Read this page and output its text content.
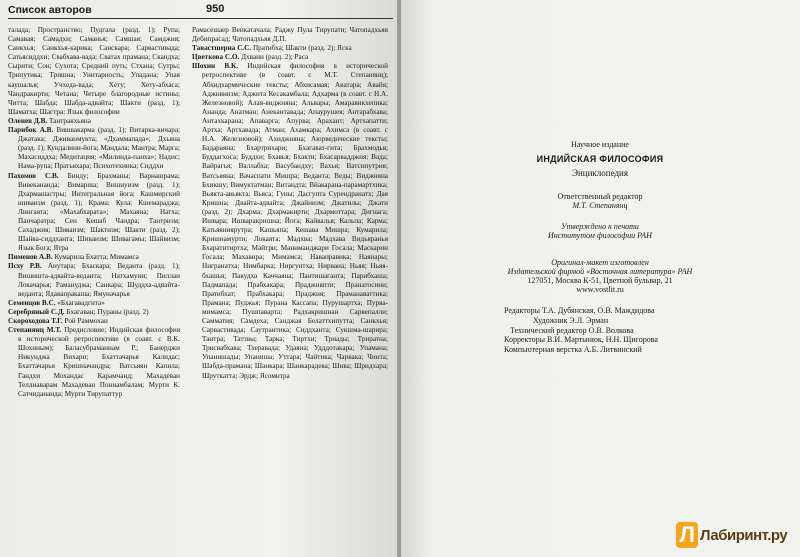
Список авторов	950

талада; Пространство; Пудгала (разд. 1); Рупа; Самавая; Самадхи; Саманья; Самшая; Самджня; Санкхья; Санкхья-карика; Санскара; Сарвастивада; Сатьясиддхи; Свабхава-вада; Сватах прамана; Скандха; Сырити; Сон; Сухота; Средний путь; Стхана; Сутры; Трипутика; Тришна; Унитарность; Упадана; Упая каушалья; Учхеда-вада; Хету; Хету-абхаса; Чандракирти; Четана; Четыре благородные истины; Читта; Шабда; Шабда-адвайта; Шакти (разд. 1); Шаматха; Шастра; Язык философии

Олеиев Д.В. Тантракхьяна

Парибок А.В. Вишвакарма (разд. 1); Витарка-вичара; Джатака; Дживанмукта; «Дхаммапада»; Дхьяна (разд. 1); Кундалини-йога; Мандала; Мантра; Марга; Махасиддха; Медитация; «Милинда-панха»; Надис; Нама-рупа; Пратьяхара; Психотехника; Сиддхи

Пахомов С.В. Бинду; Брахманы; Варнашрама; Вивекананда; Вимарша; Вишнуизм (разд. 1); Дхармашастры; Интегральная йога; Кашмирский шиваизм (разд. 1); Крама; Кула; Кшемараджа; Лингаята; «Махабхарата»; Махаяна; Натха; Панчаратра; Сен Кешаб Чандра; Тантризм; Сахаджия; Шиваизм; Шактизм; Шакти (разд. 2); Шайва-сиддханта; Шиваизм; Шивагамы; Шайвизм; Язык Бога; Ятра

Пименов А.В. Кумарила Бхатта; Мимамса

Псху Р.В. Анутара; Бхаскара; Веданта (разд. 1); Вишишта-адвайта-веданта; Натхамуни; Пиллаи Локачарья; Рамануджа; Санкара; Шуддха-адвайта-веданта; Ядавапракаша; Ямуначарья

Семенцов В.С. «Бхагавадгита»

Серебряный С.Д. Бхагаван; Пураны (разд. 2)

Скороходова Т.Г. Рой Раммохан

Степанянц М.Т. Предисловие; Индийская философия в исторической ретроспективе (в соавт. с В.К. Шохиным); Баласубраманиам Р.; Банерджи Никунджа Вихари; Бхаттачарья Калидас; Бхаттачарья Кришначандра; Ватсьяян Капила; Гандхи Мохандас Карамчанд; Махадеван Теллиаварам Махадеван Поннамбалам; Мурти К. Сатчидананда; Мурти Тирупаттур

Рамасешаер Венкатачала; Раджу Пула Тирупати; Чатопадхьяя Дебипрасад; Чатопадхьяя Д.П.

Тавастшерна С.С. Пратибха; Шакти (разд. 2); Яска

Цветкова С.О. Дхвани (разд. 2); Раса

Шохин В.К. Индийская философия в исторической ретроспективе (в соавт. с М.Т. Степанянц); Абхидхармические тексты; Абхисамая; Аватара; Авайя; Аджнянизм; Аджита Кесакамбала; Адхарма (в соавт. с Н.А. Железновой); Алая-виджняна; Альвары; Амаравикхепика; Ананда; Анатман; Анекантавада; Апаурушея; Антарабхава; Антахкарана; Апаварга; Апурва; Арахант; Артхапатти; Артха; Артхавада; Атман; Ахамкара; Ахимса (в соавт. с Н.А. Железновой); Ахиджняна; Аюрведические тексты; Бадараяна; Бхартрихари; Бхагават-гита; Брахмодья; Буддагхоса; Буддхи; Бхавья; Бхакти; Бхасарвадджня; Вада; Вайрагья; Валлабха; Васубандху; Вахья; Ватсипутрия; Ватсьяяна; Вачаспати Мишра; Веданта; Веды; Виджняна Бхикшу; Вимуктатман; Витандта; Вйакарана-парамартхика; Вьякта-авьякта; Вьяса; Гуны; Дасгупта Сурендранатх; Дая Кришна; Двайта-адвайта; Джайнизм; Джатилы; Джати (разд. 2); Дхарма; Дхармакирти; Дхармоттара; Дигнага; Ишвара; Ишваракришна; Йога; Кайвалья; Кальпа; Карма; Катьяяниярутра; Кашьяпа; Кешава Мишра; Кумарила; Кришнамурти; Локаята; Мадхва; Мадхава Видьяранья Бхаратитиртха; Майтри; Маниманджари Госала; Маскарин Госала; Махавира; Мимамса; Наваправика; Наянары; Нигранатха; Нимбарка; Ниргунтха; Нирвана; Ньяя; Ньяя-бхашья; Пакудха Каччаяна; Пантишаганта; Парибхаша; Падмапада; Прабхакара; Праджняпти; Пранатосини; Пратибхат; Прабхакара; Праджня; Праманаваттика; Прамана; Пуджья; Пурана Кассапа; Пурушартха; Пурва-мимамса; Пушпаварта; Радхакришнан Сарвепалли; Самматия; Самдеха; Санджая Белаттхипутта; Санкхья; Сарвастивада; Саутрантика; Сиддханта; Сукшма-шарира; Тантра; Таттвы; Тарка; Тиртхи; Триады; Триратна; Трисвабхава; Тхеравада; Удаяна; Удддотакара; Упамана; Упанишады; Упаниша; Уттара; Чайтика; Чарвака; Чинта; Шабда-прамана; Шанкара; Шанкарадева; Шива; Шридхара; Шруткатта; Эрдж; Ясомитра

Научное издание
ИНДИЙСКАЯ ФИЛОСОФИЯ
Энциклопедия
Ответственный редактор
М.Т. Степанянц
Утверждено к печати
Институтом философии РАН
Оригинал-макет изготовлен
Издательской фирмой «Восточная литература» РАН
127051, Москва К-51, Цветной бульвар, 21
www.vostlit.ru
Редакторы Т.А. Дубянская, О.В. Маждидова
Художник Э.Л. Эрман
Технический редактор О.В. Волкова
Корректоры В.И. Мартынюк, Н.Н. Щигорова
Компьютерная верстка А.Б. Литвинский
Л Лабиринт.ру
